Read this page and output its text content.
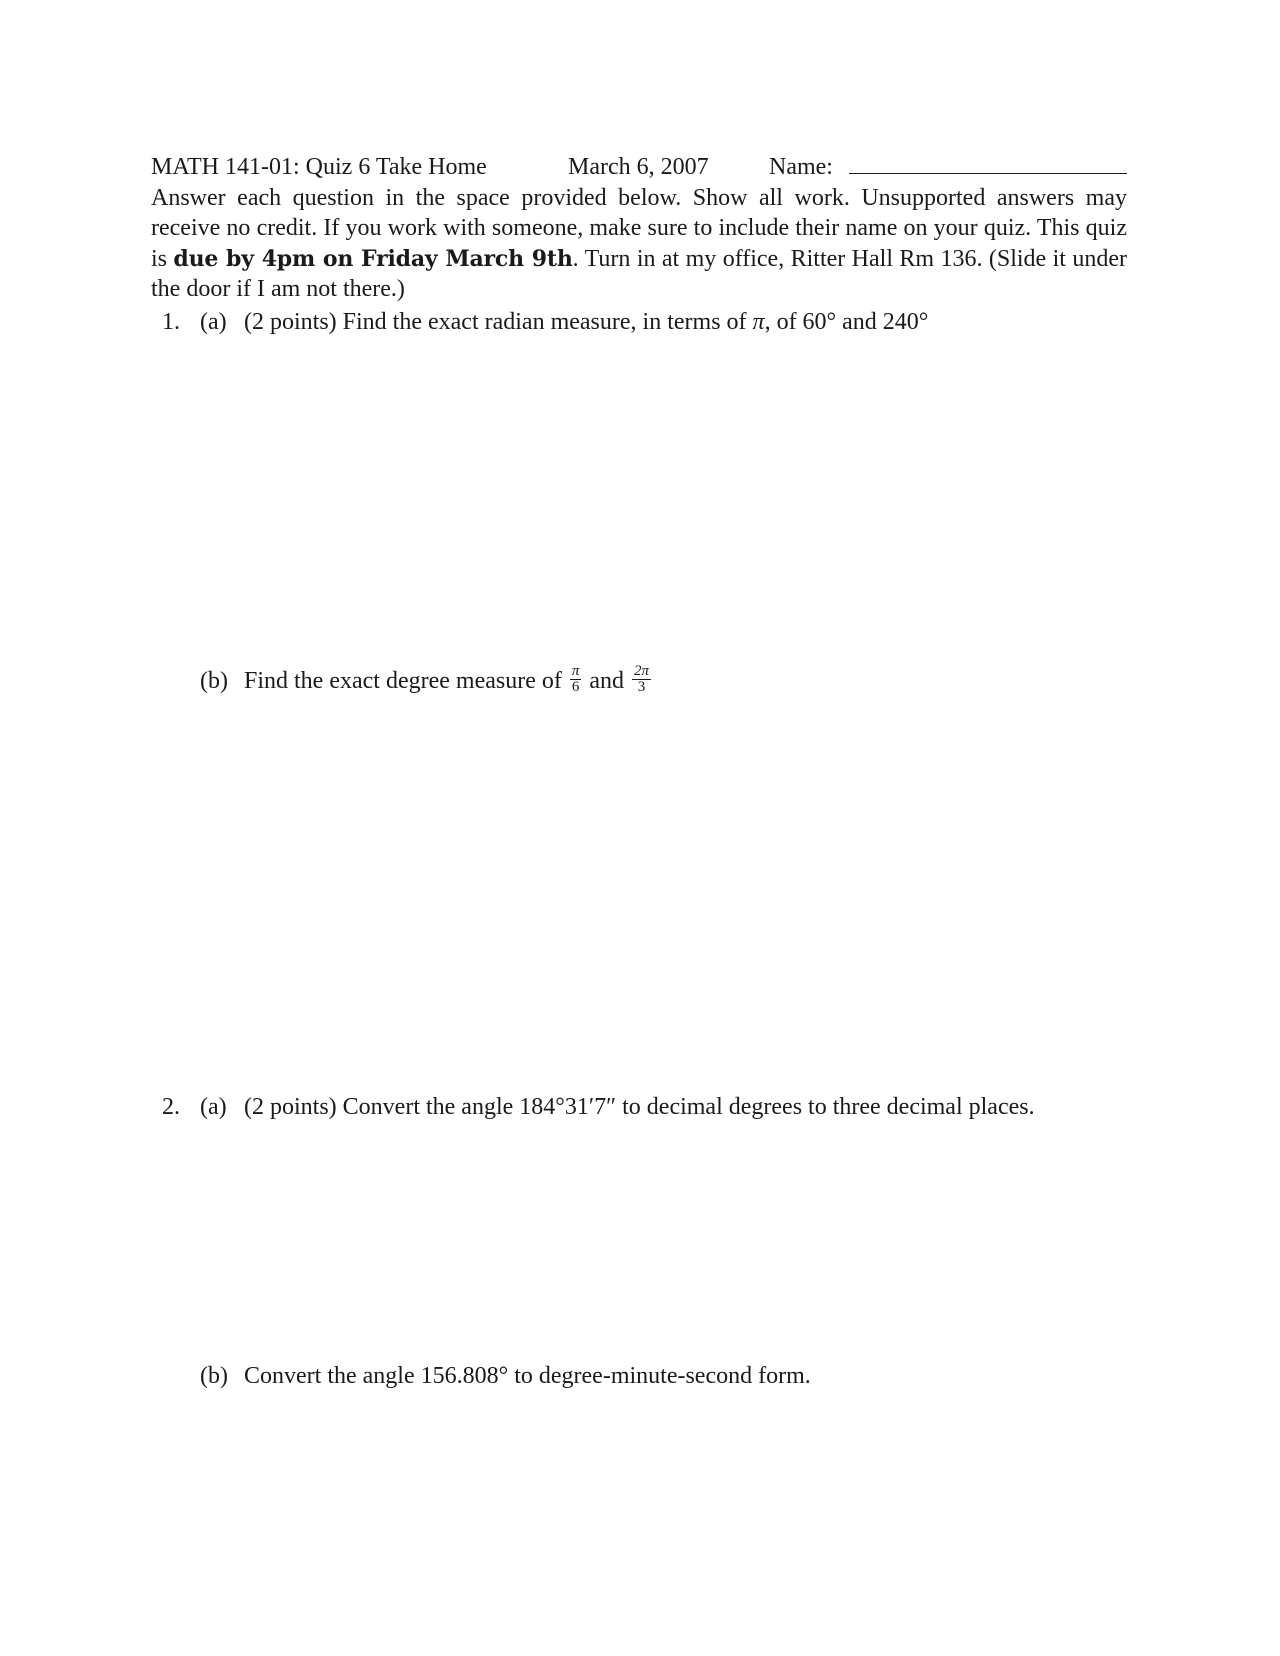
MATH 141-01: Quiz 6 Take Home	March 6, 2007	Name:
Answer each question in the space provided below. Show all work. Unsupported answers may receive no credit. If you work with someone, make sure to include their name on your quiz. This quiz is due by 4pm on Friday March 9th. Turn in at my office, Ritter Hall Rm 136. (Slide it under the door if I am not there.)
1. (a) (2 points) Find the exact radian measure, in terms of π, of 60° and 240°
(b) Find the exact degree measure of $\frac{\pi}{6}$ and $\frac{2\pi}{3}$
2. (a) (2 points) Convert the angle 184°31′7″ to decimal degrees to three decimal places.
(b) Convert the angle 156.808° to degree-minute-second form.
